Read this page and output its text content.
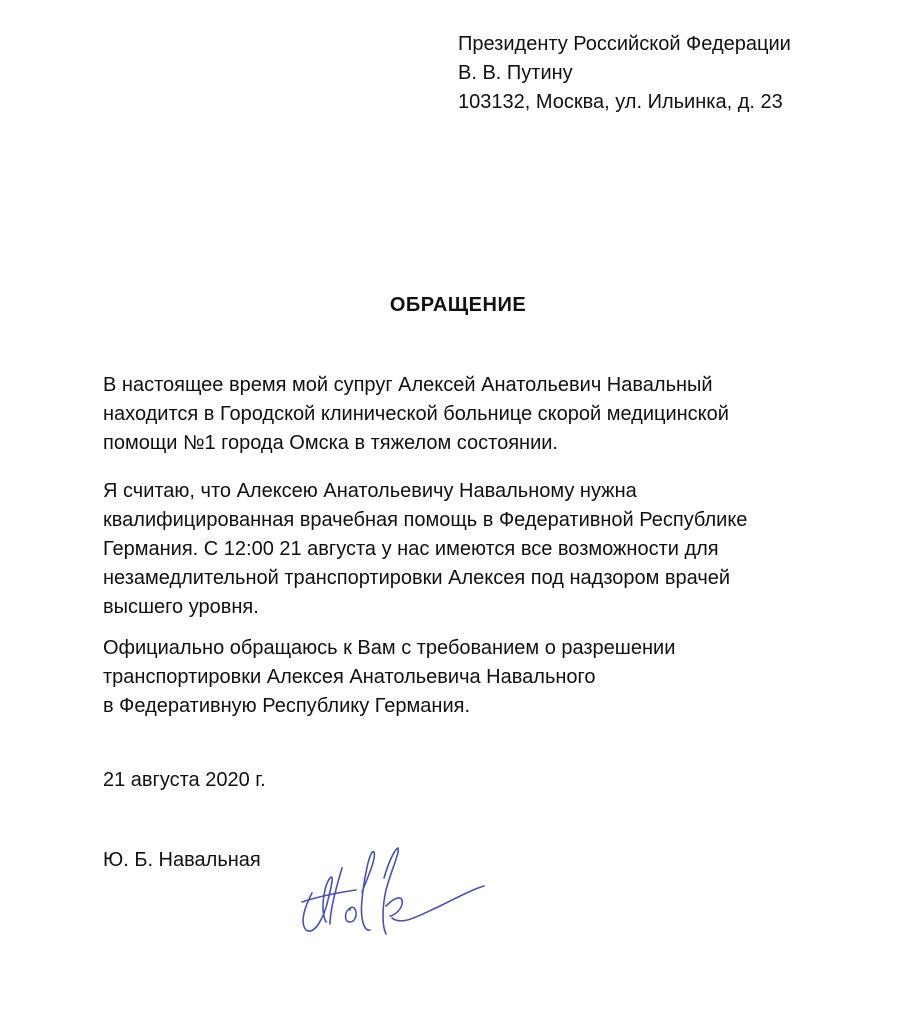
Президенту Российской Федерации
В. В. Путину
103132, Москва, ул. Ильинка, д. 23
ОБРАЩЕНИЕ
В настоящее время мой супруг Алексей Анатольевич Навальный
находится в Городской клинической больнице скорой медицинской
помощи №1 города Омска в тяжелом состоянии.
Я считаю, что Алексею Анатольевичу Навальному нужна
квалифицированная врачебная помощь в Федеративной Республике
Германия. С 12:00 21 августа у нас имеются все возможности для
незамедлительной транспортировки Алексея под надзором врачей
высшего уровня.
Официально обращаюсь к Вам с требованием о разрешении
транспортировки Алексея Анатольевича Навального
в Федеративную Республику Германия.
21 августа 2020 г.
Ю. Б. Навальная
